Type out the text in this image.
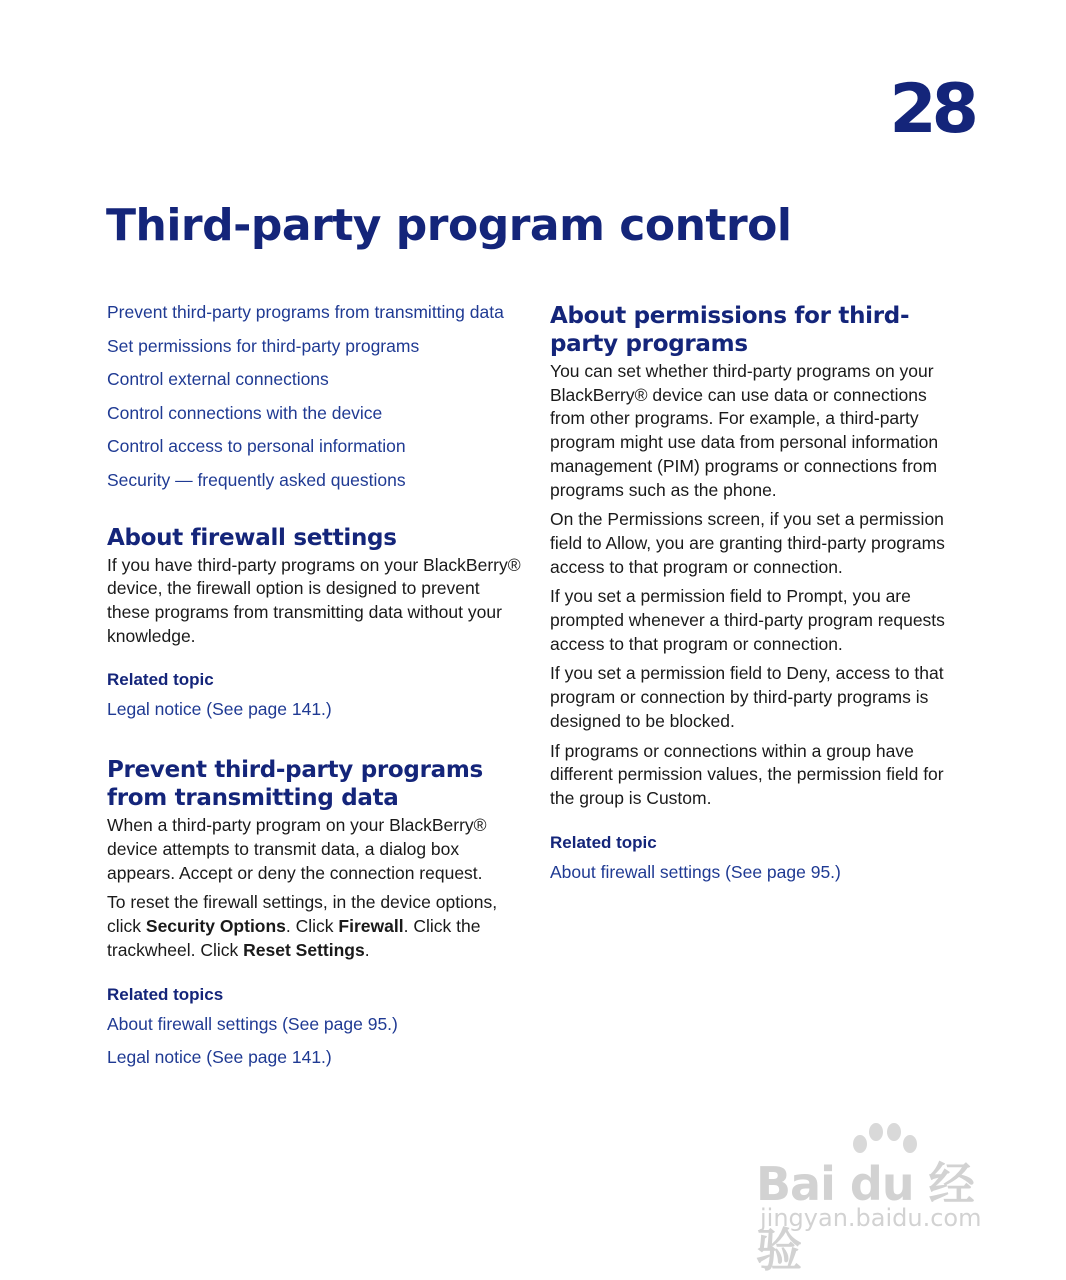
28
Third-party program control
Prevent third-party programs from transmitting data
Set permissions for third-party programs
Control external connections
Control connections with the device
Control access to personal information
Security — frequently asked questions
About firewall settings

If you have third-party programs on your BlackBerry® device, the firewall option is designed to prevent these programs from transmitting data without your knowledge.

Related topic
Legal notice (See page 141.)
Prevent third-party programs from transmitting data

When a third-party program on your BlackBerry® device attempts to transmit data, a dialog box appears. Accept or deny the connection request.

To reset the firewall settings, in the device options, click Security Options. Click Firewall. Click the trackwheel. Click Reset Settings.

Related topics
About firewall settings (See page 95.)
Legal notice (See page 141.)
About permissions for third-party programs

You can set whether third-party programs on your BlackBerry® device can use data or connections from other programs. For example, a third-party program might use data from personal information management (PIM) programs or connections from programs such as the phone.

On the Permissions screen, if you set a permission field to Allow, you are granting third-party programs access to that program or connection.

If you set a permission field to Prompt, you are prompted whenever a third-party program requests access to that program or connection.

If you set a permission field to Deny, access to that program or connection by third-party programs is designed to be blocked.

If programs or connections within a group have different permission values, the permission field for the group is Custom.

Related topic
About firewall settings (See page 95.)
Bai du 经验
jingyan.baidu.com
